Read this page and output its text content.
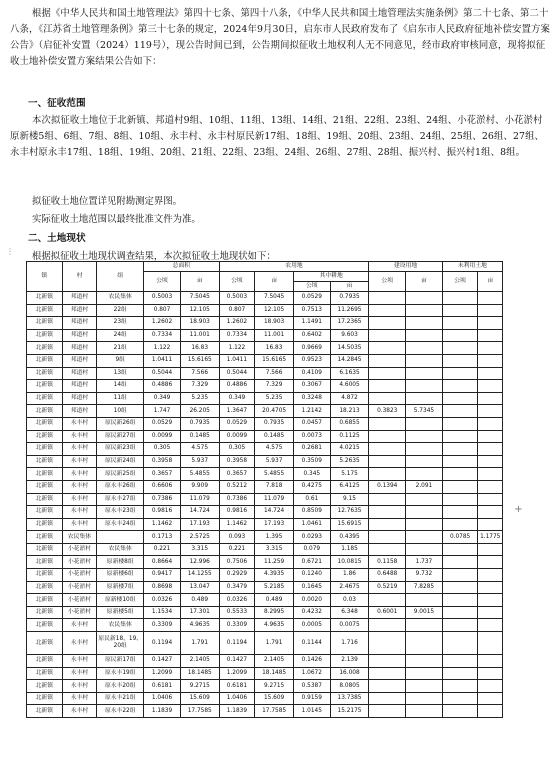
根据《中华人民共和国土地管理法》第四十七条、第四十八条，《中华人民共和国土地管理法实施条例》第二十七条、第二十八条，《江苏省土地管理条例》第三十七条的规定，2024年9月30日，启东市人民政府发布了《启东市人民政府征地补偿安置方案公告》（启征补安置（2024）119号），现公告时间已到，公告期间拟征收土地权利人无不同意见，经市政府审核同意，现将拟征收土地补偿安置方案结果公告如下：
一、征收范围
本次拟征收土地位于北新镇、邦道村9组、10组、11组、13组、14组、21组、22组、23组、24组、小花淤村、小花淤村原新楼5组、6组、7组、8组、10组、永丰村、永丰村原民新17组、18组、19组、20组、23组、24组、25组、26组、27组、永丰村原永丰17组、18组、19组、20组、21组、22组、23组、24组、26组、27组、28组、振兴村、振兴村1组、8组。
拟征收土地位置详见附勘测定界图。
实际征收土地范围以最终批准文件为准。
二、土地现状
⋮	根据拟征收土地现状调查结果，本次拟征收土地现状如下：
+
镇	村	组	总面积		农用地				建设用地		未利用土地	
			公顷	亩	公顷	亩	其中耕地		公顷	亩	公顷	亩
							公顷	亩				
北新镇	邦道村	农民集体	0.5003	7.5045	0.5003	7.5045	0.0529	0.7935				
北新镇	邦道村	22组	0.807	12.105	0.807	12.105	0.7513	11.2695				
北新镇	邦道村	23组	1.2602	18.903	1.2602	18.903	1.1491	17.2365				
北新镇	邦道村	24组	0.7334	11.001	0.7334	11.001	0.6402	9.603				
北新镇	邦道村	21组	1.122	16.83	1.122	16.83	0.9669	14.5035				
北新镇	邦道村	9组	1.0411	15.6165	1.0411	15.6165	0.9523	14.2845				
北新镇	邦道村	13组	0.5044	7.566	0.5044	7.566	0.4109	6.1635				
北新镇	邦道村	14组	0.4886	7.329	0.4886	7.329	0.3067	4.6005				
北新镇	邦道村	11组	0.349	5.235	0.349	5.235	0.3248	4.872				
北新镇	邦道村	10组	1.747	26.205	1.3647	20.4705	1.2142	18.213	0.3823	5.7345		
北新镇	永丰村	原民新26组	0.0529	0.7935	0.0529	0.7935	0.0457	0.6855				
北新镇	永丰村	原民新27组	0.0099	0.1485	0.0099	0.1485	0.0073	0.1125				
北新镇	永丰村	原民新23组	0.305	4.575	0.305	4.575	0.2681	4.0215				
北新镇	永丰村	原民新24组	0.3958	5.937	0.3958	5.937	0.3509	5.2635				
北新镇	永丰村	原民新25组	0.3657	5.4855	0.3657	5.4855	0.345	5.175				
北新镇	永丰村	原永丰26组	0.6606	9.909	0.5212	7.818	0.4275	6.4125	0.1394	2.091		
北新镇	永丰村	原永丰27组	0.7386	11.079	0.7386	11.079	0.61	9.15				
北新镇	永丰村	原永丰23组	0.9816	14.724	0.9816	14.724	0.8509	12.7635				
北新镇	永丰村	原永丰24组	1.1462	17.193	1.1462	17.193	1.0461	15.6915				
北新镇	农民集体		0.1713	2.5725	0.093	1.395	0.0293	0.4395			0.0785	1.1775
北新镇	小花淤村	农民集体	0.221	3.315	0.221	3.315	0.079	1.185				
北新镇	小花淤村	原新楼8组	0.8664	12.996	0.7506	11.259	0.6721	10.0815	0.1158	1.737		
北新镇	小花淤村	原新楼6组	0.9417	14.1255	0.2929	4.3935	0.1240	1.86	0.6488	9.732		
北新镇	小花淤村	原新楼7组	0.8698	13.047	0.3479	5.2185	0.1645	2.4675	0.5219	7.8285		
北新镇	小花淤村	原新楼10组	0.0326	0.489	0.0326	0.489	0.0020	0.03				
北新镇	小花淤村	原新楼5组	1.1534	17.301	0.5533	8.2995	0.4232	6.348	0.6001	9.0015		
北新镇	永丰村	农民集体	0.3309	4.9635	0.3309	4.9635	0.0005	0.0075				
北新镇	永丰村	原民新18、19、20组	0.1194	1.791	0.1194	1.791	0.1144	1.716				
北新镇	永丰村	原民新17组	0.1427	2.1405	0.1427	2.1405	0.1426	2.139				
北新镇	永丰村	原永丰19组	1.2099	18.1485	1.2099	18.1485	1.0672	16.008				
北新镇	永丰村	原永丰20组	0.6181	9.2715	0.6181	9.2715	0.5387	8.0805				
北新镇	永丰村	原永丰21组	1.0406	15.609	1.0406	15.609	0.9159	13.7385				
北新镇	永丰村	原永丰22组	1.1839	17.7585	1.1839	17.7585	1.0145	15.2175				
